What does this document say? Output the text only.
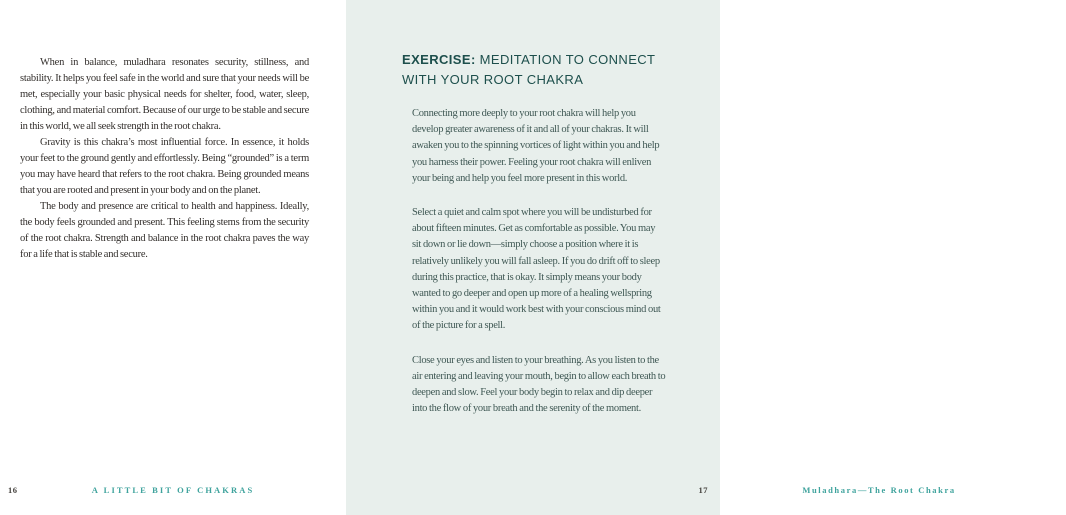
When in balance, muladhara resonates security, stillness, and stability. It helps you feel safe in the world and sure that your needs will be met, especially your basic physical needs for shelter, food, water, sleep, clothing, and material comfort. Because of our urge to be stable and secure in this world, we all seek strength in the root chakra.

Gravity is this chakra’s most influential force. In essence, it holds your feet to the ground gently and effortlessly. Being “grounded” is a term you may have heard that refers to the root chakra. Being grounded means that you are rooted and present in your body and on the planet.

The body and presence are critical to health and happiness. Ideally, the body feels grounded and present. This feeling stems from the security of the root chakra. Strength and balance in the root chakra paves the way for a life that is stable and secure.

16	A LITTLE BIT OF CHAKRAS
EXERCISE: MEDITATION TO CONNECT WITH YOUR ROOT CHAKRA

Connecting more deeply to your root chakra will help you develop greater awareness of it and all of your chakras. It will awaken you to the spinning vortices of light within you and help you harness their power. Feeling your root chakra will enliven your being and help you feel more present in this world.

Select a quiet and calm spot where you will be undisturbed for about fifteen minutes. Get as comfortable as possible. You may sit down or lie down—simply choose a position where it is relatively unlikely you will fall asleep. If you do drift off to sleep during this practice, that is okay. It simply means your body wanted to go deeper and open up more of a healing wellspring within you and it would work best with your conscious mind out of the picture for a spell.

Close your eyes and listen to your breathing. As you listen to the air entering and leaving your mouth, begin to allow each breath to deepen and slow. Feel your body begin to relax and dip deeper into the flow of your breath and the serenity of the moment.

Muladhara—The Root Chakra
17
